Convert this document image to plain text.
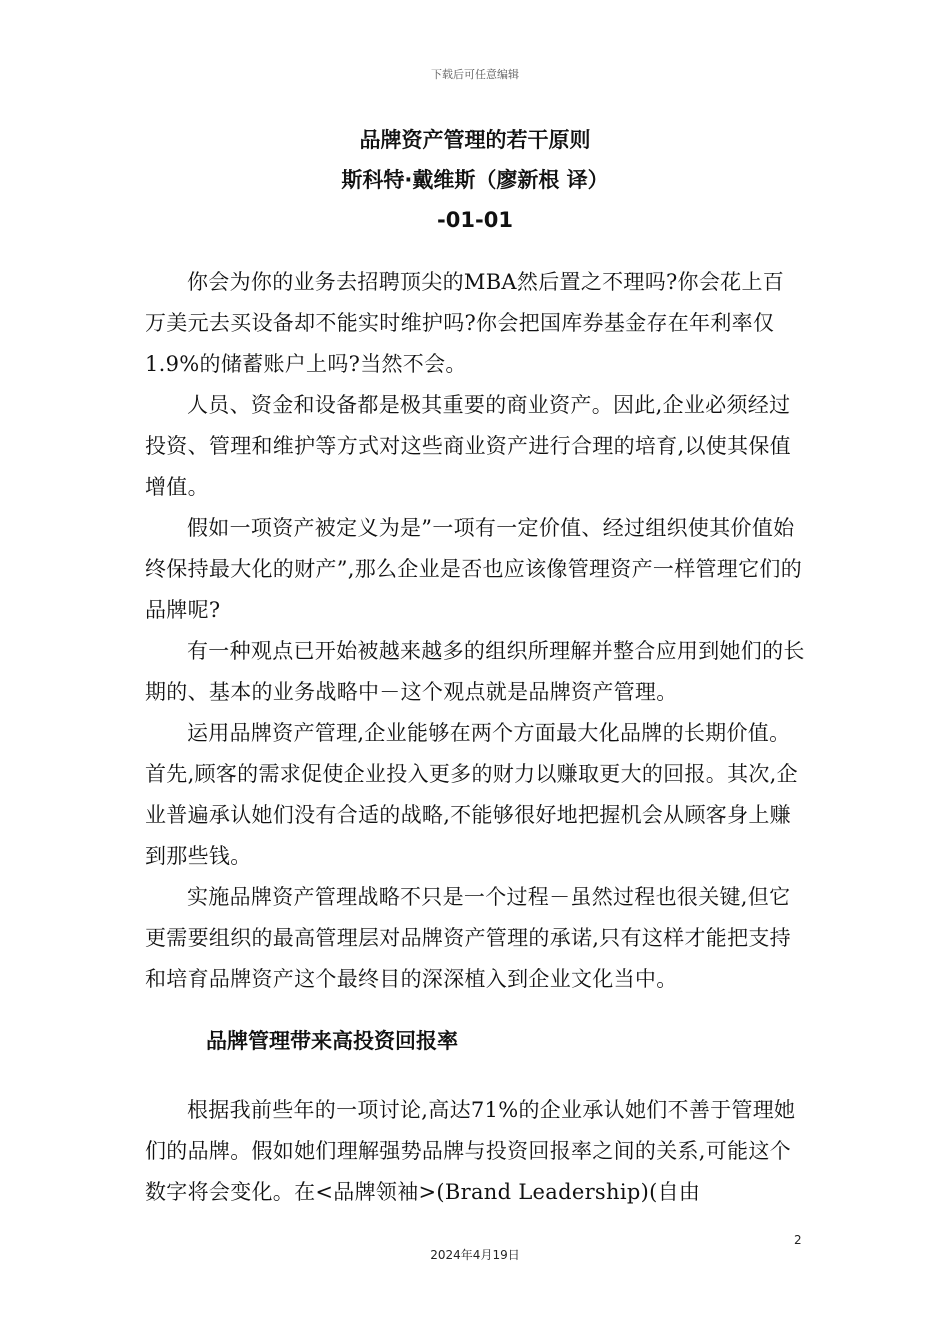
下载后可任意编辑
品牌资产管理的若干原则
斯科特·戴维斯（廖新根 译）
-01-01

你会为你的业务去招聘顶尖的MBA然后置之不理吗?你会花上百万美元去买设备却不能实时维护吗?你会把国库券基金存在年利率仅1.9%的储蓄账户上吗?当然不会。

人员、资金和设备都是极其重要的商业资产。因此,企业必须经过投资、管理和维护等方式对这些商业资产进行合理的培育,以使其保值增值。

假如一项资产被定义为是”一项有一定价值、经过组织使其价值始终保持最大化的财产”,那么企业是否也应该像管理资产一样管理它们的品牌呢?

有一种观点已开始被越来越多的组织所理解并整合应用到她们的长期的、基本的业务战略中－这个观点就是品牌资产管理。

运用品牌资产管理,企业能够在两个方面最大化品牌的长期价值。首先,顾客的需求促使企业投入更多的财力以赚取更大的回报。其次,企业普遍承认她们没有合适的战略,不能够很好地把握机会从顾客身上赚到那些钱。

实施品牌资产管理战略不只是一个过程－虽然过程也很关键,但它更需要组织的最高管理层对品牌资产管理的承诺,只有这样才能把支持和培育品牌资产这个最终目的深深植入到企业文化当中。

品牌管理带来高投资回报率

根据我前些年的一项讨论,高达71%的企业承认她们不善于管理她们的品牌。假如她们理解强势品牌与投资回报率之间的关系,可能这个数字将会变化。在<品牌领袖>(Brand Leadership)(自由

2
2024年4月19日
